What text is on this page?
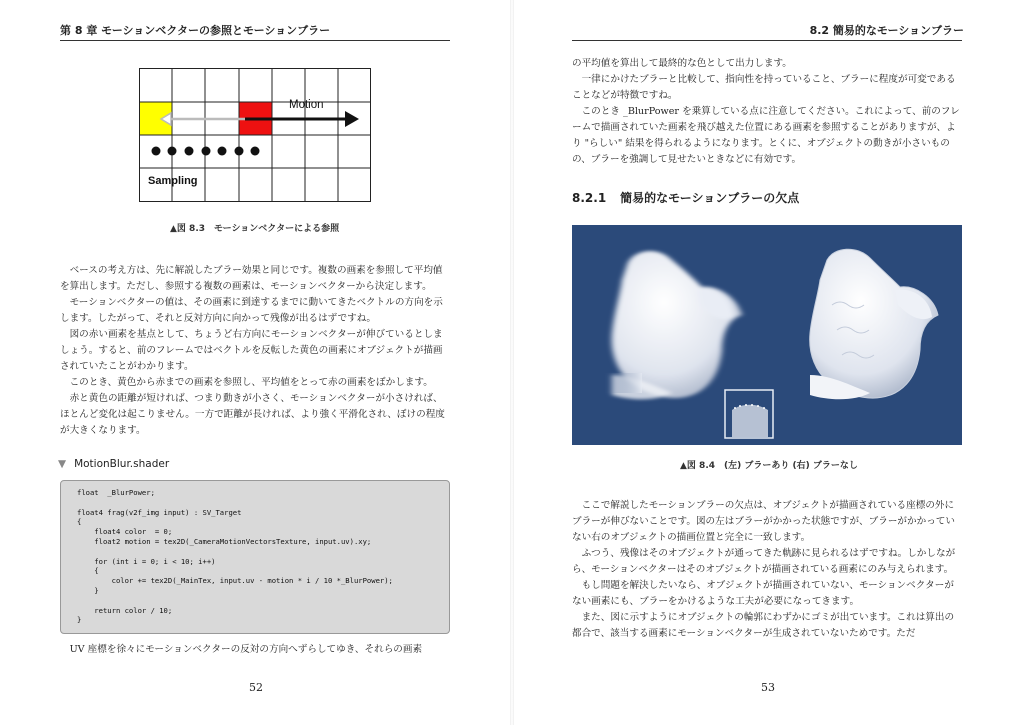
第 8 章 モーションベクターの参照とモーションブラー
Motion
Sampling
▲図 8.3　モーションベクターによる参照

ベースの考え方は、先に解説したブラー効果と同じです。複数の画素を参照して平均値を算出します。ただし、参照する複数の画素は、モーションベクターから決定します。

モーションベクターの値は、その画素に到達するまでに動いてきたベクトルの方向を示します。したがって、それと反対方向に向かって残像が出るはずですね。

図の赤い画素を基点として、ちょうど右方向にモーションベクターが伸びているとしましょう。すると、前のフレームではベクトルを反転した黄色の画素にオブジェクトが描画されていたことがわかります。

このとき、黄色から赤までの画素を参照し、平均値をとって赤の画素をぼかします。

赤と黄色の距離が短ければ、つまり動きが小さく、モーションベクターが小さければ、ほとんど変化は起こりません。一方で距離が長ければ、より強く平滑化され、ぼけの程度が大きくなります。

▼ MotionBlur.shader
float  _BlurPower;

float4 frag(v2f_img input) : SV_Target
{
float4 color  = 0;
float2 motion = tex2D(_CameraMotionVectorsTexture, input.uv).xy;

for (int i = 0; i < 10; i++)
{
color += tex2D(_MainTex, input.uv - motion * i / 10 *_BlurPower);
}

return color / 10;
}

UV 座標を徐々にモーションベクターの反対の方向へずらしてゆき、それらの画素

52
8.2 簡易的なモーションブラー
53

の平均値を算出して最終的な色として出力します。

一律にかけたブラーと比較して、指向性を持っていること、ブラーに程度が可変であることなどが特徴ですね。

このとき _BlurPower を乗算している点に注意してください。これによって、前のフレームで描画されていた画素を飛び越えた位置にある画素を参照することがありますが、より "らしい" 結果を得られるようになります。とくに、オブジェクトの動きが小さいものの、ブラーを強調して見せたいときなどに有効です。

8.2.1 簡易的なモーションブラーの欠点
▲図 8.4　(左) ブラーあり (右) ブラーなし

ここで解説したモーションブラーの欠点は、オブジェクトが描画されている座標の外にブラーが伸びないことです。図の左はブラーがかかった状態ですが、ブラーがかかっていない右のオブジェクトの描画位置と完全に一致します。

ふつう、残像はそのオブジェクトが通ってきた軌跡に見られるはずですね。しかしながら、モーションベクターはそのオブジェクトが描画されている画素にのみ与えられます。

もし問題を解決したいなら、オブジェクトが描画されていない、モーションベクターがない画素にも、ブラーをかけるような工夫が必要になってきます。

また、図に示すようにオブジェクトの輪郭にわずかにゴミが出ています。これは算出の都合で、該当する画素にモーションベクターが生成されていないためです。ただ
